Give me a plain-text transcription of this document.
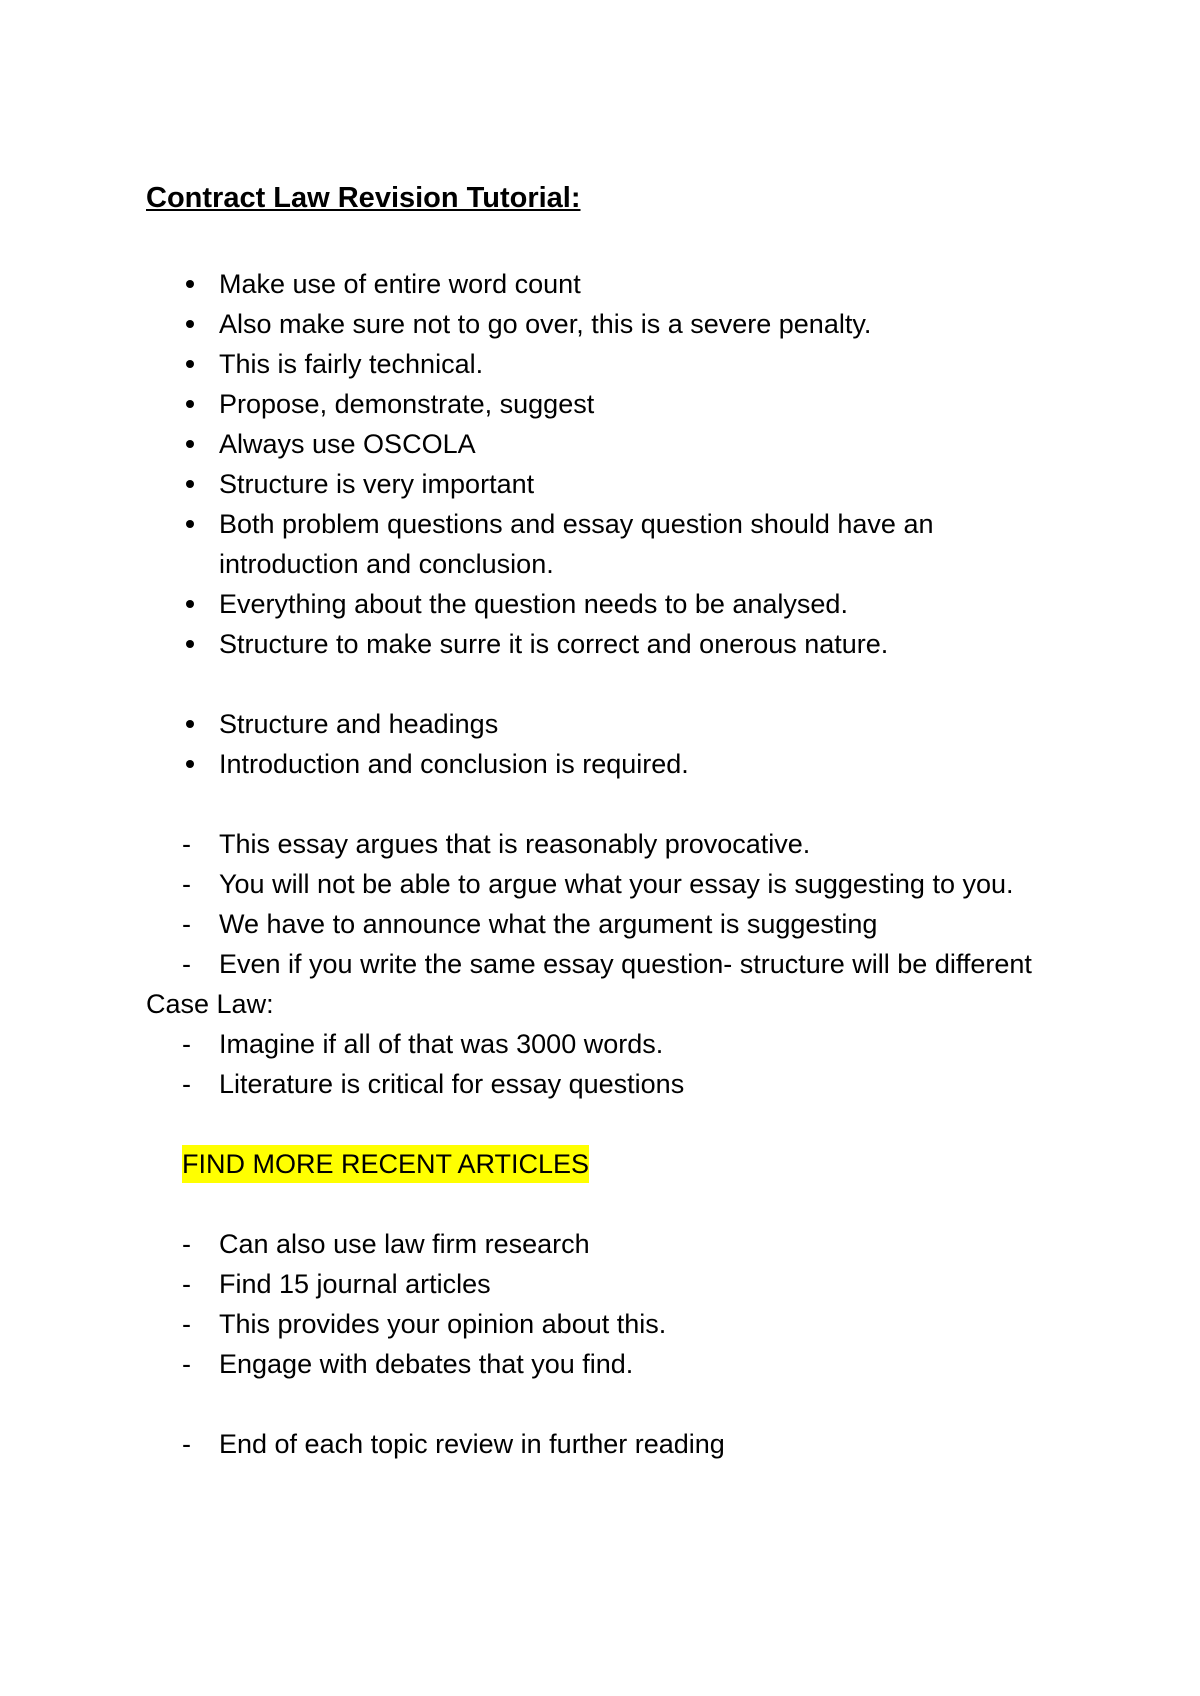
Contract Law Revision Tutorial:
Make use of entire word count
Also make sure not to go over, this is a severe penalty.
This is fairly technical.
Propose, demonstrate, suggest
Always use OSCOLA
Structure is very important
Both problem questions and essay question should have an introduction and conclusion.
Everything about the question needs to be analysed.
Structure to make surre it is correct and onerous nature.
Structure and headings
Introduction and conclusion is required.
-	This essay argues that is reasonably provocative.
-	You will not be able to argue what your essay is suggesting to you.
-	We have to announce what the argument is suggesting
-	Even if you write the same essay question- structure will be different
Case Law:
-	Imagine if all of that was 3000 words.
-	Literature is critical for essay questions
FIND MORE RECENT ARTICLES
-	Can also use law firm research
-	Find 15 journal articles
-	This provides your opinion about this.
-	Engage with debates that you find.
-	End of each topic review in further reading
